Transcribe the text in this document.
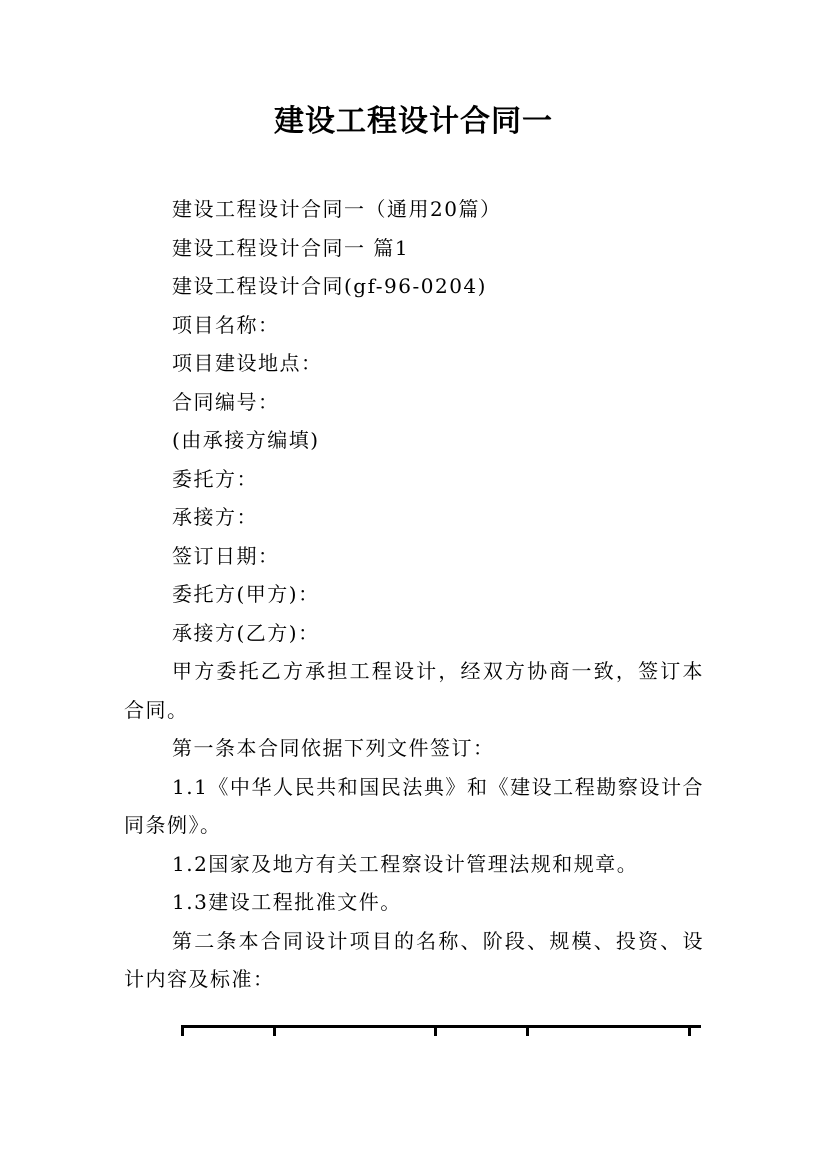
建设工程设计合同一

建设工程设计合同一（通用20篇）

建设工程设计合同一 篇1

建设工程设计合同(gf-96-0204)

项目名称：

项目建设地点：

合同编号：

(由承接方编填)

委托方：

承接方：

签订日期：

委托方(甲方)：

承接方(乙方)：

甲方委托乙方承担工程设计，经双方协商一致，签订本合同。

第一条本合同依据下列文件签订：

1.1《中华人民共和国民法典》和《建设工程勘察设计合同条例》。

1.2国家及地方有关工程察设计管理法规和规章。

1.3建设工程批准文件。

第二条本合同设计项目的名称、阶段、规模、投资、设计内容及标准：
